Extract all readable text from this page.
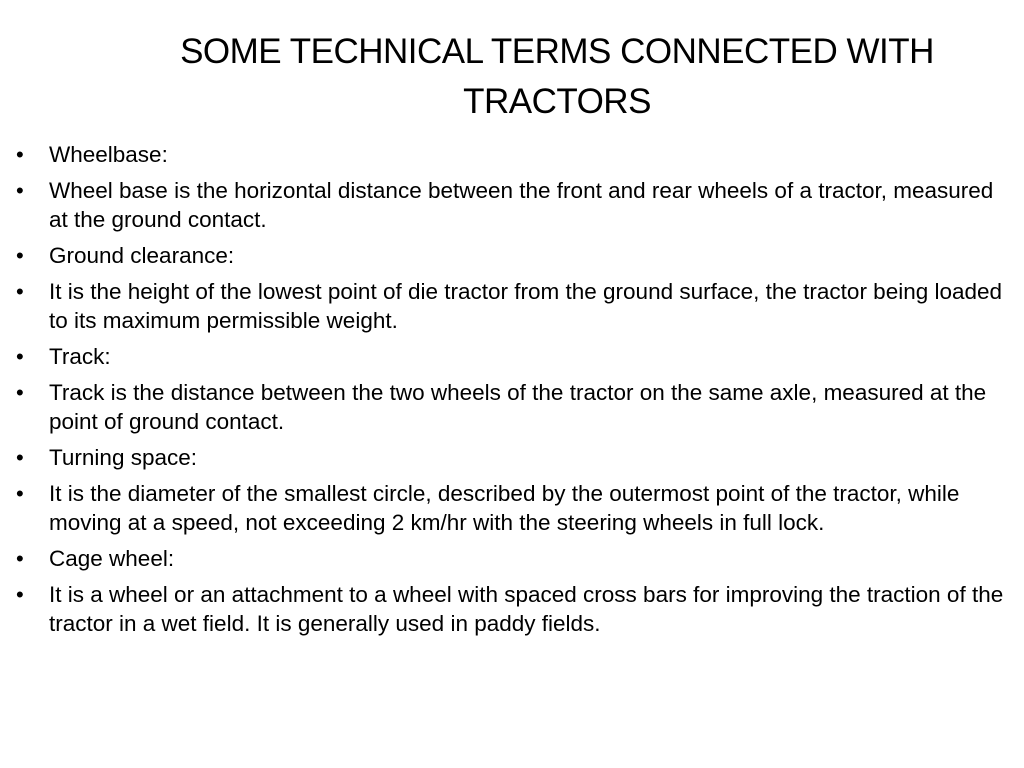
SOME TECHNICAL TERMS CONNECTED WITH TRACTORS
•	Wheelbase:
•	Wheel base is the horizontal distance between the front and rear wheels of a tractor, measured at the ground contact.
•	Ground clearance:
•	It is the height of the lowest point of die tractor from the ground surface, the tractor being loaded to its maximum permissible weight.
•	Track:
•	Track is the distance between the two wheels of the tractor on the same axle, measured at the point of ground contact.
•	Turning space:
•	It is the diameter of the smallest circle, described by the outermost point of the tractor, while moving at a speed, not exceeding 2 km/hr with the steering wheels in full lock.
•	Cage wheel:
•	It is a wheel or an attachment to a wheel with spaced cross bars for improving the traction of the tractor in a wet field. It is generally used in paddy fields.
